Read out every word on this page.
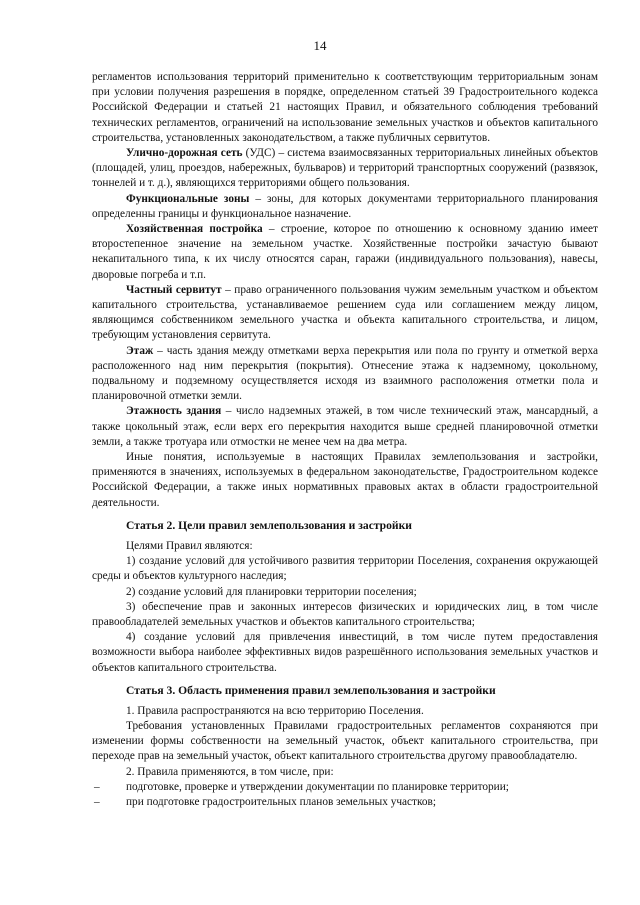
14

регламентов использования территорий применительно к соответствующим территориальным зонам при условии получения разрешения в порядке, определенном статьей 39 Градостроительного кодекса Российской Федерации и статьей 21 настоящих Правил, и обязательного соблюдения требований технических регламентов, ограничений на использование земельных участков и объектов капитального строительства, установленных законодательством, а также публичных сервитутов.

Улично-дорожная сеть (УДС) – система взаимосвязанных территориальных линейных объектов (площадей, улиц, проездов, набережных, бульваров) и территорий транспортных сооружений (развязок, тоннелей и т. д.), являющихся территориями общего пользования.

Функциональные зоны – зоны, для которых документами территориального планирования определенны границы и функциональное назначение.

Хозяйственная постройка – строение, которое по отношению к основному зданию имеет второстепенное значение на земельном участке. Хозяйственные постройки зачастую бывают некапитального типа, к их числу относятся саран, гаражи (индивидуального пользования), навесы, дворовые погреба и т.п.

Частный сервитут – право ограниченного пользования чужим земельным участком и объектом капитального строительства, устанавливаемое решением суда или соглашением между лицом, являющимся собственником земельного участка и объекта капитального строительства, и лицом, требующим установления сервитута.

Этаж – часть здания между отметками верха перекрытия или пола по грунту и отметкой верха расположенного над ним перекрытия (покрытия). Отнесение этажа к надземному, цокольному, подвальному и подземному осуществляется исходя из взаимного расположения отметки пола и планировочной отметки земли.

Этажность здания – число надземных этажей, в том числе технический этаж, мансардный, а также цокольный этаж, если верх его перекрытия находится выше средней планировочной отметки земли, а также тротуара или отмостки не менее чем на два метра.

Иные понятия, используемые в настоящих Правилах землепользования и застройки, применяются в значениях, используемых в федеральном законодательстве, Градостроительном кодексе Российской Федерации, а также иных нормативных правовых актах в области градостроительной деятельности.

Статья 2. Цели правил землепользования и застройки

Целями Правил являются:

1) создание условий для устойчивого развития территории Поселения, сохранения окружающей среды и объектов культурного наследия;

2) создание условий для планировки территории поселения;

3) обеспечение прав и законных интересов физических и юридических лиц, в том числе правообладателей земельных участков и объектов капитального строительства;

4) создание условий для привлечения инвестиций, в том числе путем предоставления возможности выбора наиболее эффективных видов разрешённого использования земельных участков и объектов капитального строительства.

Статья 3. Область применения правил землепользования и застройки

1. Правила распространяются на всю территорию Поселения.

Требования установленных Правилами градостроительных регламентов сохраняются при изменении формы собственности на земельный участок, объект капитального строительства, при переходе прав на земельный участок, объект капитального строительства другому правообладателю.

2. Правила применяются, в том числе, при:

– подготовке, проверке и утверждении документации по планировке территории;
– при подготовке градостроительных планов земельных участков;
